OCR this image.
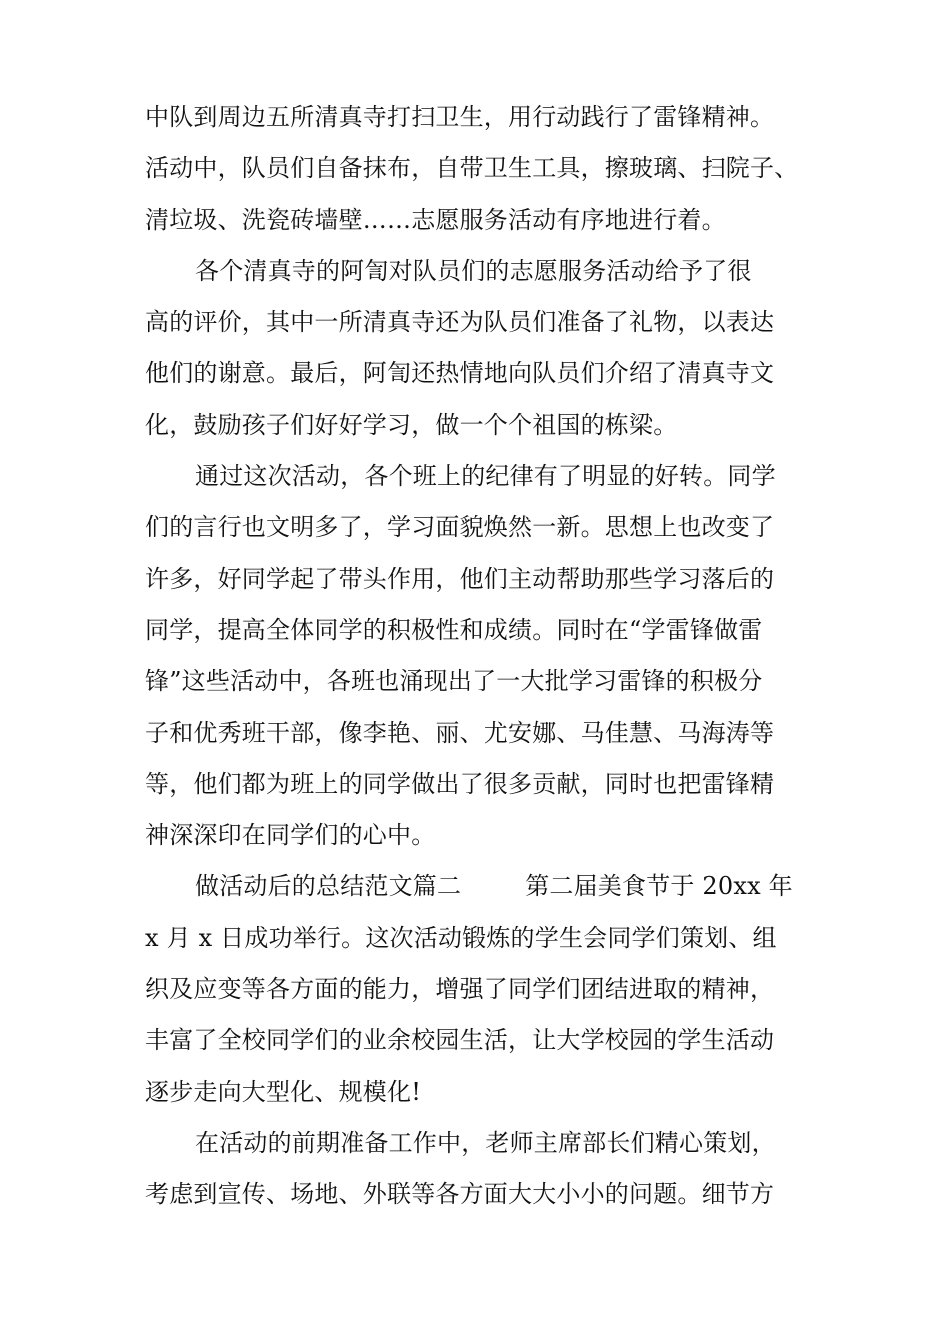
中队到周边五所清真寺打扫卫生，用行动践行了雷锋精神。
活动中，队员们自备抹布，自带卫生工具，擦玻璃、扫院子、
清垃圾、洗瓷砖墙壁……志愿服务活动有序地进行着。
各个清真寺的阿訇对队员们的志愿服务活动给予了很
高的评价，其中一所清真寺还为队员们准备了礼物，以表达
他们的谢意。最后，阿訇还热情地向队员们介绍了清真寺文
化，鼓励孩子们好好学习，做一个个祖国的栋梁。
通过这次活动，各个班上的纪律有了明显的好转。同学
们的言行也文明多了，学习面貌焕然一新。思想上也改变了
许多，好同学起了带头作用，他们主动帮助那些学习落后的
同学，提高全体同学的积极性和成绩。同时在“学雷锋做雷
锋”这些活动中，各班也涌现出了一大批学习雷锋的积极分
子和优秀班干部，像李艳、丽、尤安娜、马佳慧、马海涛等
等，他们都为班上的同学做出了很多贡献，同时也把雷锋精
神深深印在同学们的心中。
做活动后的总结范文篇二	第二届美食节于 20xx 年
x 月 x 日成功举行。这次活动锻炼的学生会同学们策划、组
织及应变等各方面的能力，增强了同学们团结进取的精神，
丰富了全校同学们的业余校园生活，让大学校园的学生活动
逐步走向大型化、规模化!
在活动的前期准备工作中，老师主席部长们精心策划，
考虑到宣传、场地、外联等各方面大大小小的问题。细节方
